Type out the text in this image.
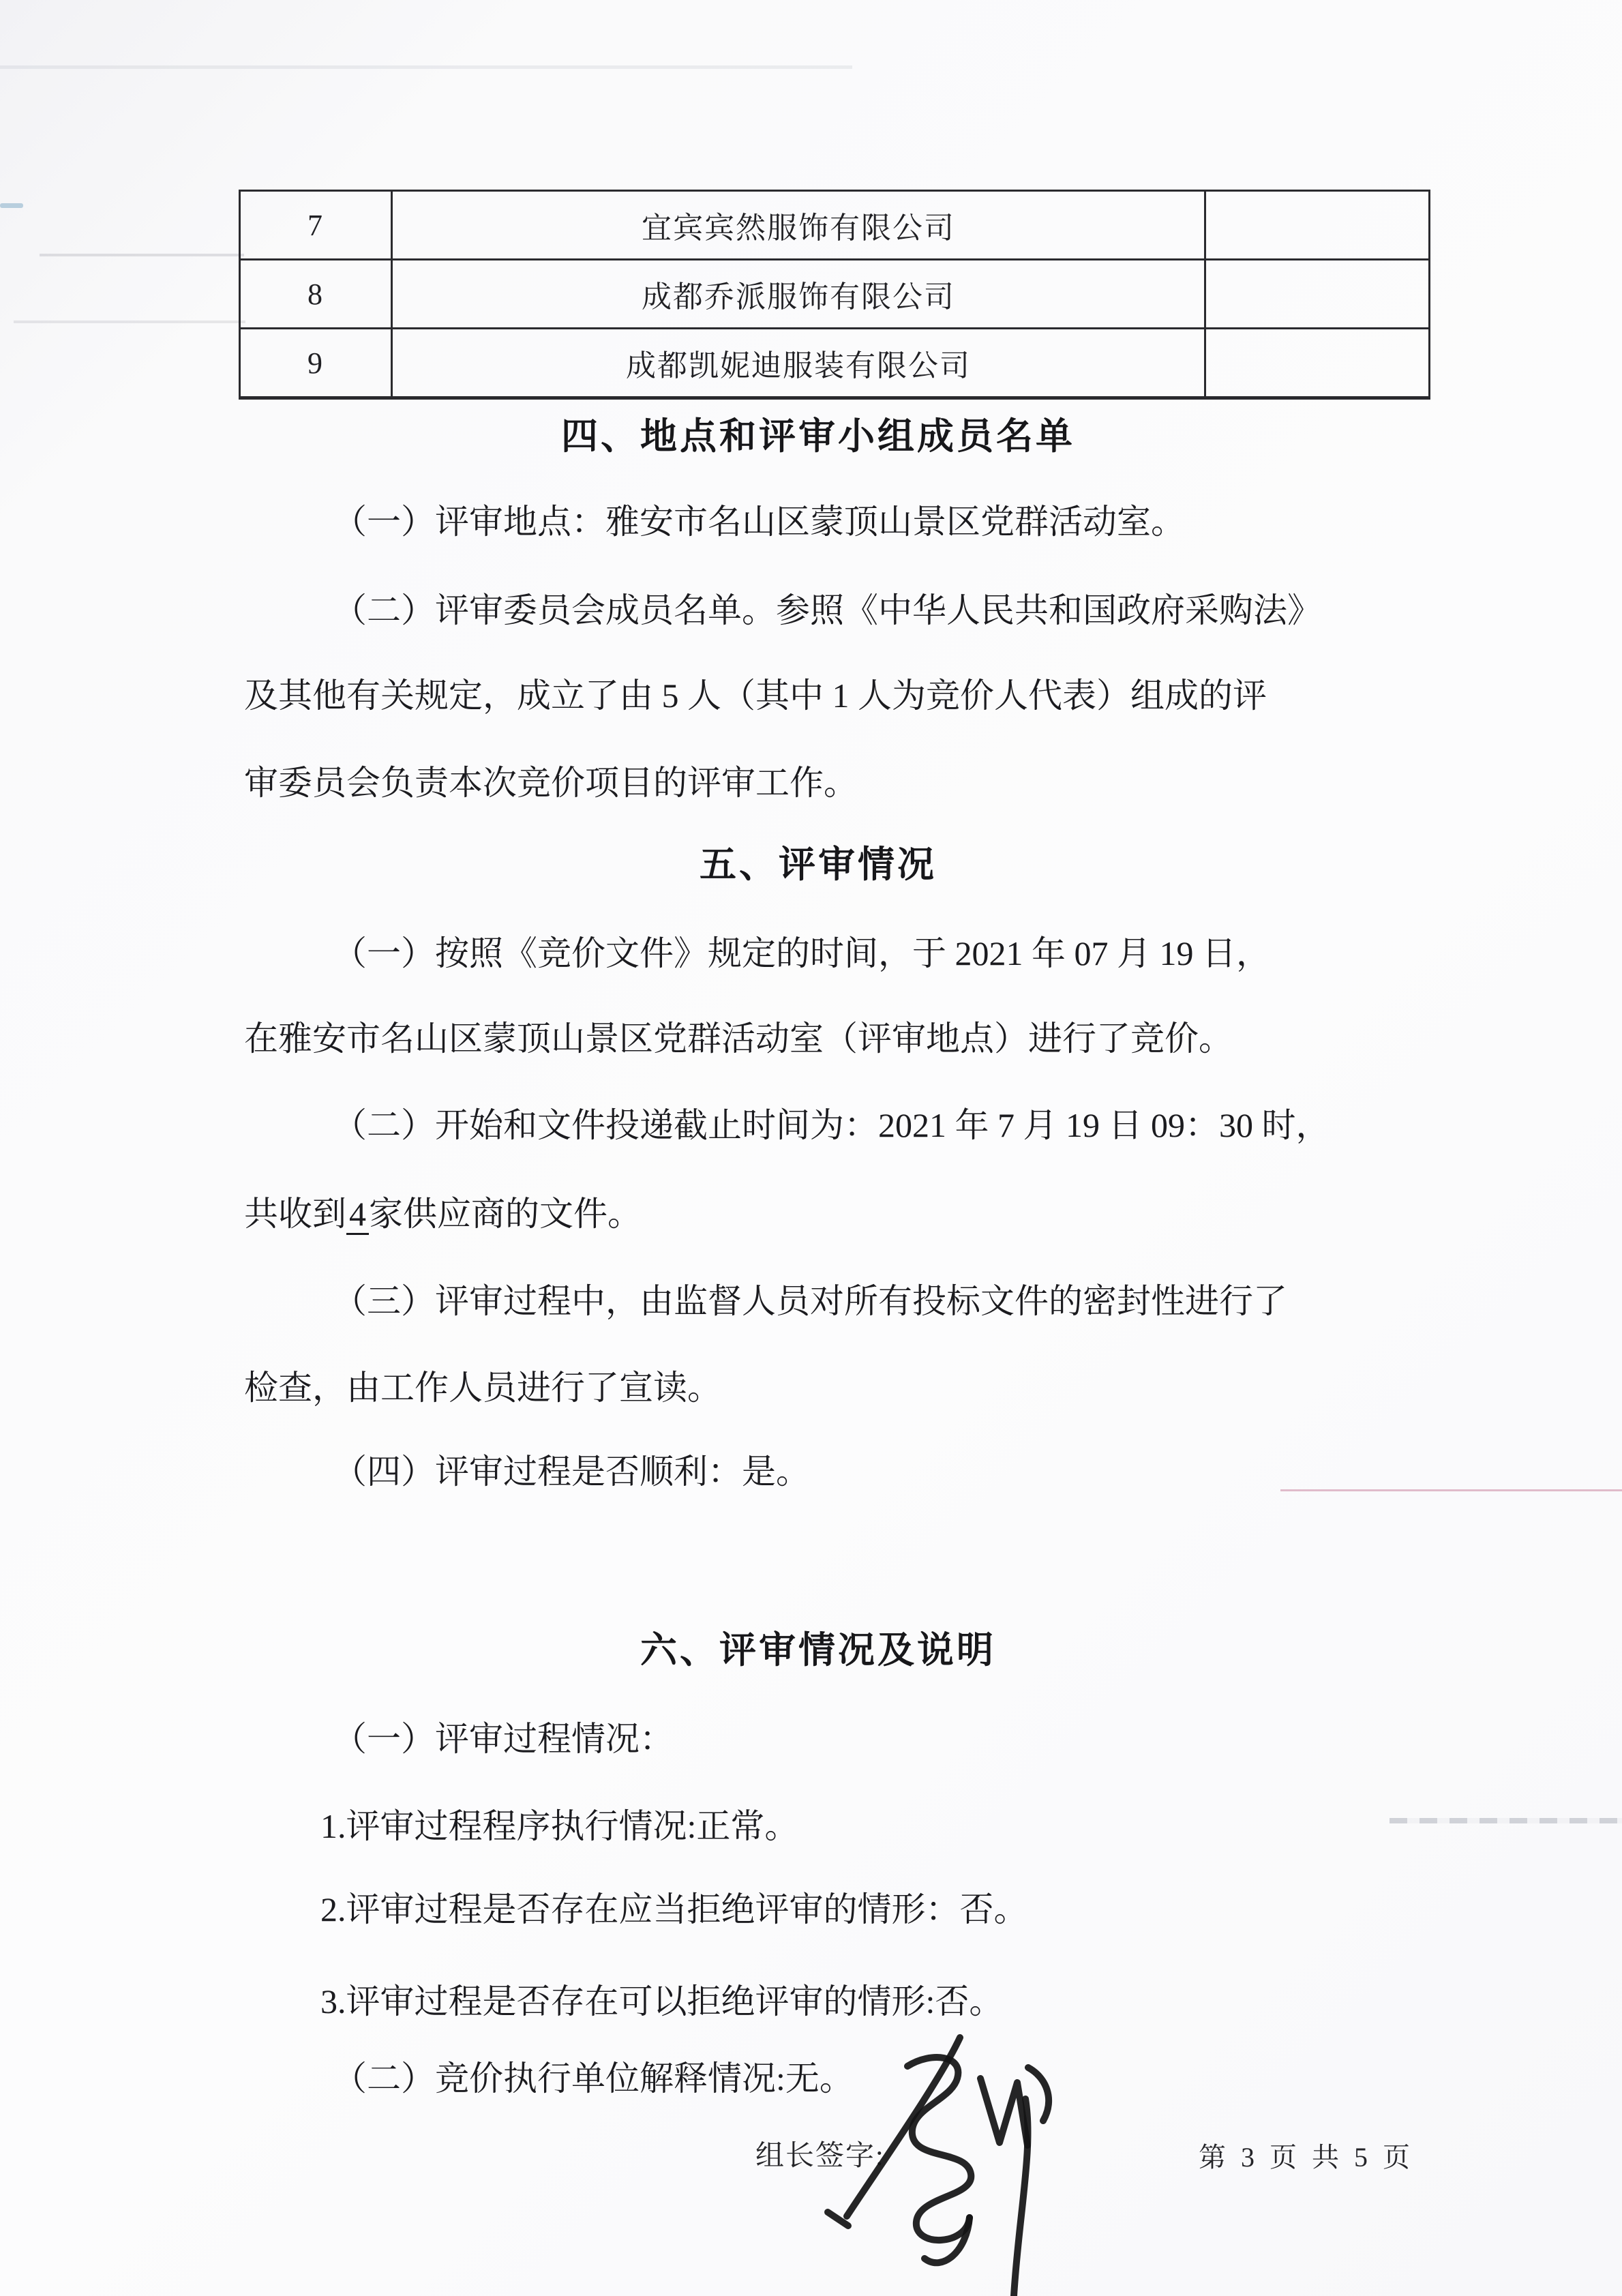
7	宜宾宾然服饰有限公司	
8	成都乔派服饰有限公司	
9	成都凯妮迪服装有限公司	
四、地点和评审小组成员名单
（一）评审地点：雅安市名山区蒙顶山景区党群活动室。
（二）评审委员会成员名单。参照《中华人民共和国政府采购法》
及其他有关规定，成立了由 5 人（其中 1 人为竞价人代表）组成的评
审委员会负责本次竞价项目的评审工作。
五、评审情况
（一）按照《竞价文件》规定的时间，于 2021 年 07 月 19 日，
在雅安市名山区蒙顶山景区党群活动室（评审地点）进行了竞价。
（二）开始和文件投递截止时间为：2021 年 7 月 19 日 09：30 时，
共收到4家供应商的文件。
（三）评审过程中，由监督人员对所有投标文件的密封性进行了
检查，由工作人员进行了宣读。
（四）评审过程是否顺利：是。
六、评审情况及说明
（一）评审过程情况：
1.评审过程程序执行情况:正常。
2.评审过程是否存在应当拒绝评审的情形：否。
3.评审过程是否存在可以拒绝评审的情形:否。
（二）竞价执行单位解释情况:无。
组长签字:	第 3 页 共 5 页
